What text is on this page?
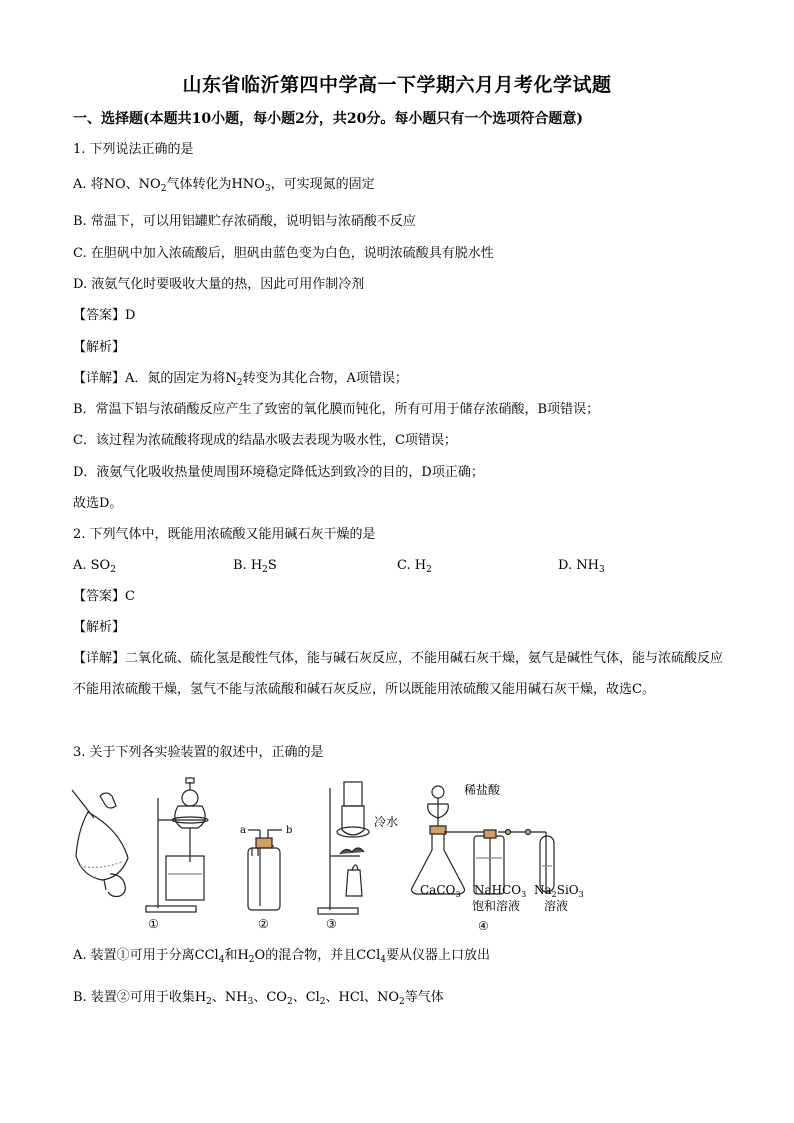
山东省临沂第四中学高一下学期六月月考化学试题
一、选择题(本题共10小题，每小题2分，共20分。每小题只有一个选项符合题意)
1. 下列说法正确的是
A. 将NO、$NO_2$气体转化为$HNO_3$，可实现氮的固定
B. 常温下，可以用铝罐贮存浓硝酸，说明铝与浓硝酸不反应
C. 在胆矾中加入浓硫酸后，胆矾由蓝色变为白色，说明浓硫酸具有脱水性
D. 液氨气化时要吸收大量的热，因此可用作制冷剂
【答案】D
【解析】
【详解】A．氮的固定为将$N_2$转变为其化合物，A项错误；
B．常温下铝与浓硝酸反应产生了致密的氧化膜而钝化，所有可用于储存浓硝酸，B项错误；
C．该过程为浓硫酸将现成的结晶水吸去表现为吸水性，C项错误；
D．液氨气化吸收热量使周围环境稳定降低达到致冷的目的，D项正确；
故选D。
2. 下列气体中，既能用浓硫酸又能用碱石灰干燥的是
A. $SO_2$	B. $H_2S$	C. $H_2$	D. $NH_3$
【答案】C
【解析】
【详解】二氧化硫、硫化氢是酸性气体，能与碱石灰反应，不能用碱石灰干燥，氨气是碱性气体，能与浓硫酸反应不能用浓硫酸干燥，氢气不能与浓硫酸和碱石灰反应，所以既能用浓硫酸又能用碱石灰干燥，故选C。
3. 关于下列各实验装置的叙述中，正确的是
①	②	③	④
a	b
冷水
稀盐酸
CaCO$_3$ NaHCO$_3$
饱和溶液
$Na_2SiO_3$
溶液
A. 装置①可用于分离CCl$_4$和$H_2O$的混合物，并且CCl$_4$要从仪器上口放出
B. 装置②可用于收集$H_2$、$NH_3$、$CO_2$、$Cl_2$、HCl、$NO_2$等气体
